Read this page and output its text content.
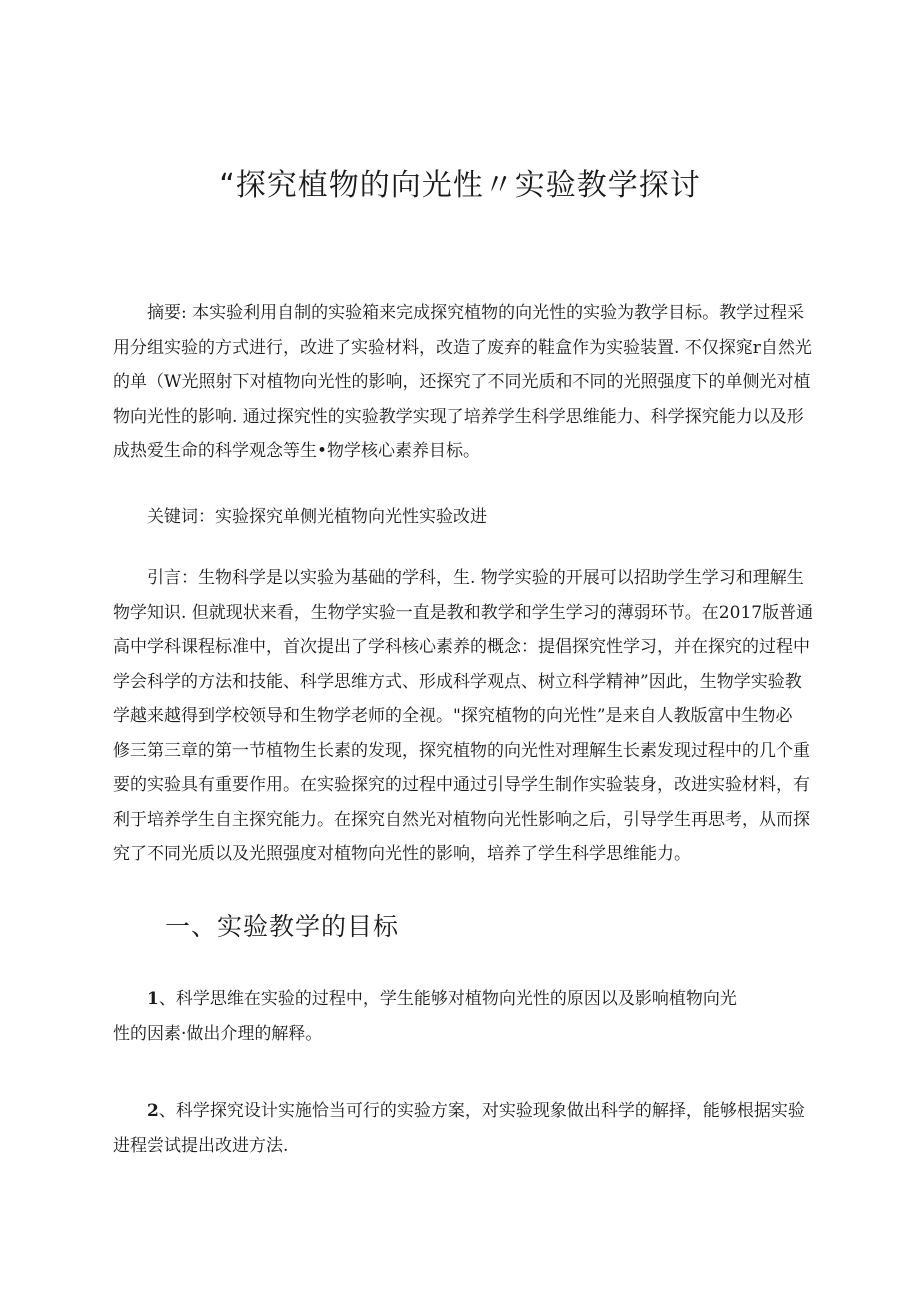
“探究植物的向光性〃实验教学探讨
摘要: 本实验利用自制的实验箱来完成探究植物的向光性的实验为教学目标。教学过程采
用分组实验的方式进行，改进了实验材料，改造了废弃的鞋盒作为实验装置. 不仅探窕r自然光
的单（W光照射下对植物向光性的影响，还探究了不同光质和不同的光照强度下的单侧光对植
物向光性的影响. 通过探究性的实验教学实现了培养学生科学思维能力、科学探究能力以及形
成热爱生命的科学观念等生•物学核心素养目标。
关键词：实验探究单侧光植物向光性实验改进
引言：生物科学是以实验为基础的学科，生. 物学实验的开展可以招助学生学习和理解生
物学知识. 但就现状来看，生物学实验一直是教和教学和学生学习的薄弱环节。在2017版普通
高中学科课程标准中，首次提出了学科核心素养的概念：提倡探究性学习，并在探究的过程中
学会科学的方法和技能、科学思维方式、形成科学观点、树立科学精神”因此，生物学实验教
学越来越得到学校领导和生物学老师的全视。"探究植物的向光性”是来自人教版富中生物必
修三第三章的第一节植物生长素的发现，探究植物的向光性对理解生长素发现过程中的几个重
要的实验具有重要作用。在实验探究的过程中通过引导学生制作实验装身，改进实验材料，有
利于培养学生自主探究能力。在探究自然光对植物向光性影响之后，引导学生再思考，从而探
究了不同光质以及光照强度对植物向光性的影响，培养了学生科学思维能力。
一、实验教学的目标
1、科学思维在实验的过程中，学生能够对植物向光性的原因以及影响植物向光
性的因素·做出介理的解释。
2、科学探究设计实施恰当可行的实验方案，对实验现象做出科学的解择，能够根据实验
进程尝试提出改进方法.
